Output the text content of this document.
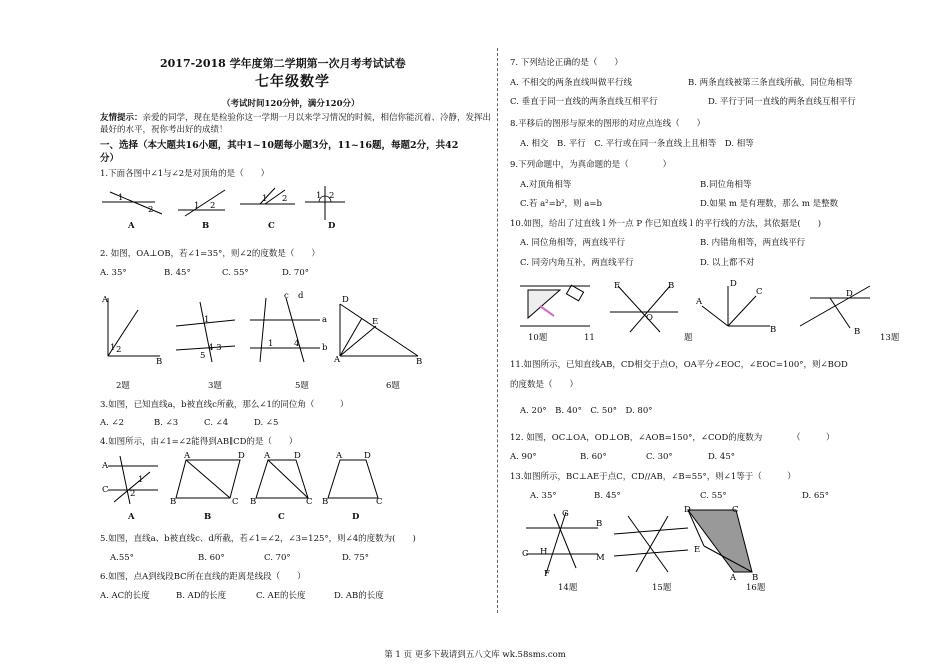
2017-2018 学年度第二学期第一次月考考试试卷
七年级数学
（考试时间120分钟，满分120分）
友情提示：亲爱的同学，现在是检验你这一学期一月以来学习情况的时候，相信你能沉着、冷静，发挥出
最好的水平，祝你考出好的成绩！
一、选择（本大题共16小题，其中1~10题每小题3分，11~16题，每题2分，共42
分）
1.下面各图中∠1与∠2是对顶角的是（　　）
1
2	1 2
1 2	1 2
A	B	C	D
2. 如图，OA⊥OB，若∠1=35°，则∠2的度数是（　　）
A. 35°	B. 45°	C. 55°	D. 70°
1 2
A
B
1
4 3
5
c d
a
b
1 4
D
E
A	B
2题	3题	5题	6题
3.如图，已知直线a，b被直线c所截，那么∠1的同位角（　　　）
A. ∠2	B. ∠3	C. ∠4	D. ∠5
4.如图所示，由∠1=∠2能得到AB∥CD的是（　　）
A
C
1
2
A	D
B	C
A	D
B	C
A	D
B	C
A	B	C	D
5.如图，直线a、b被直线c、d所截，若∠1=∠2，∠3=125°，则∠4的度数为(　　)
A.55°	B. 60°	C. 70°	D. 75°
6.如图，点A到线段BC所在直线的距离是线段（　　）
A. AC的长度	B. AD的长度	C. AE的长度	D. AB的长度
7. 下列结论正确的是（　　）
A. 不相交的两条直线叫做平行线	B. 两条直线被第三条直线所截，同位角相等
C. 垂直于同一直线的两条直线互相平行	D. 平行于同一直线的两条直线互相平行
8.平移后的图形与原来的图形的对应点连线（　　）
A. 相交　B. 平行　C. 平行或在同一条直线上且相等　D. 相等
9.下列命题中，为真命题的是（　　　　）
A.对顶角相等	B.同位角相等
C.若 a²=b²，则 a=b	D.如果 m 是有理数，那么 m 是整数
10.如图，给出了过直线 l 外一点 P 作已知直线 l 的平行线的方法，其依据是(　　)
A. 同位角相等，两直线平行	B. 内错角相等，两直线平行
C. 同旁内角互补，两直线平行	D. 以上都不对
E	B
O
D
C
A
B
D
B
10题	11	题	13题
11.如图所示，已知直线AB，CD相交于点O，OA平分∠EOC，∠EOC=100°，则∠BOD
的度数是（　　）
A. 20°　B. 40°　C. 50°　D. 80°
12. 如图，OC⊥OA，OD⊥OB，∠AOB=150°，∠COD的度数为　　　　（　　　）
A. 90°	B. 60°	C. 30°	D. 45°
13.如图所示，BC⊥AE于点C，CD//AB，∠B=55°，则∠1等于（　　　）
A. 35°	B. 45°	C. 55°	D. 65°
C H
G
B
M
F
D	C
E
A B
14题	15题	16题
第 1 页 更多下载请到五八文库 wk.58sms.com
